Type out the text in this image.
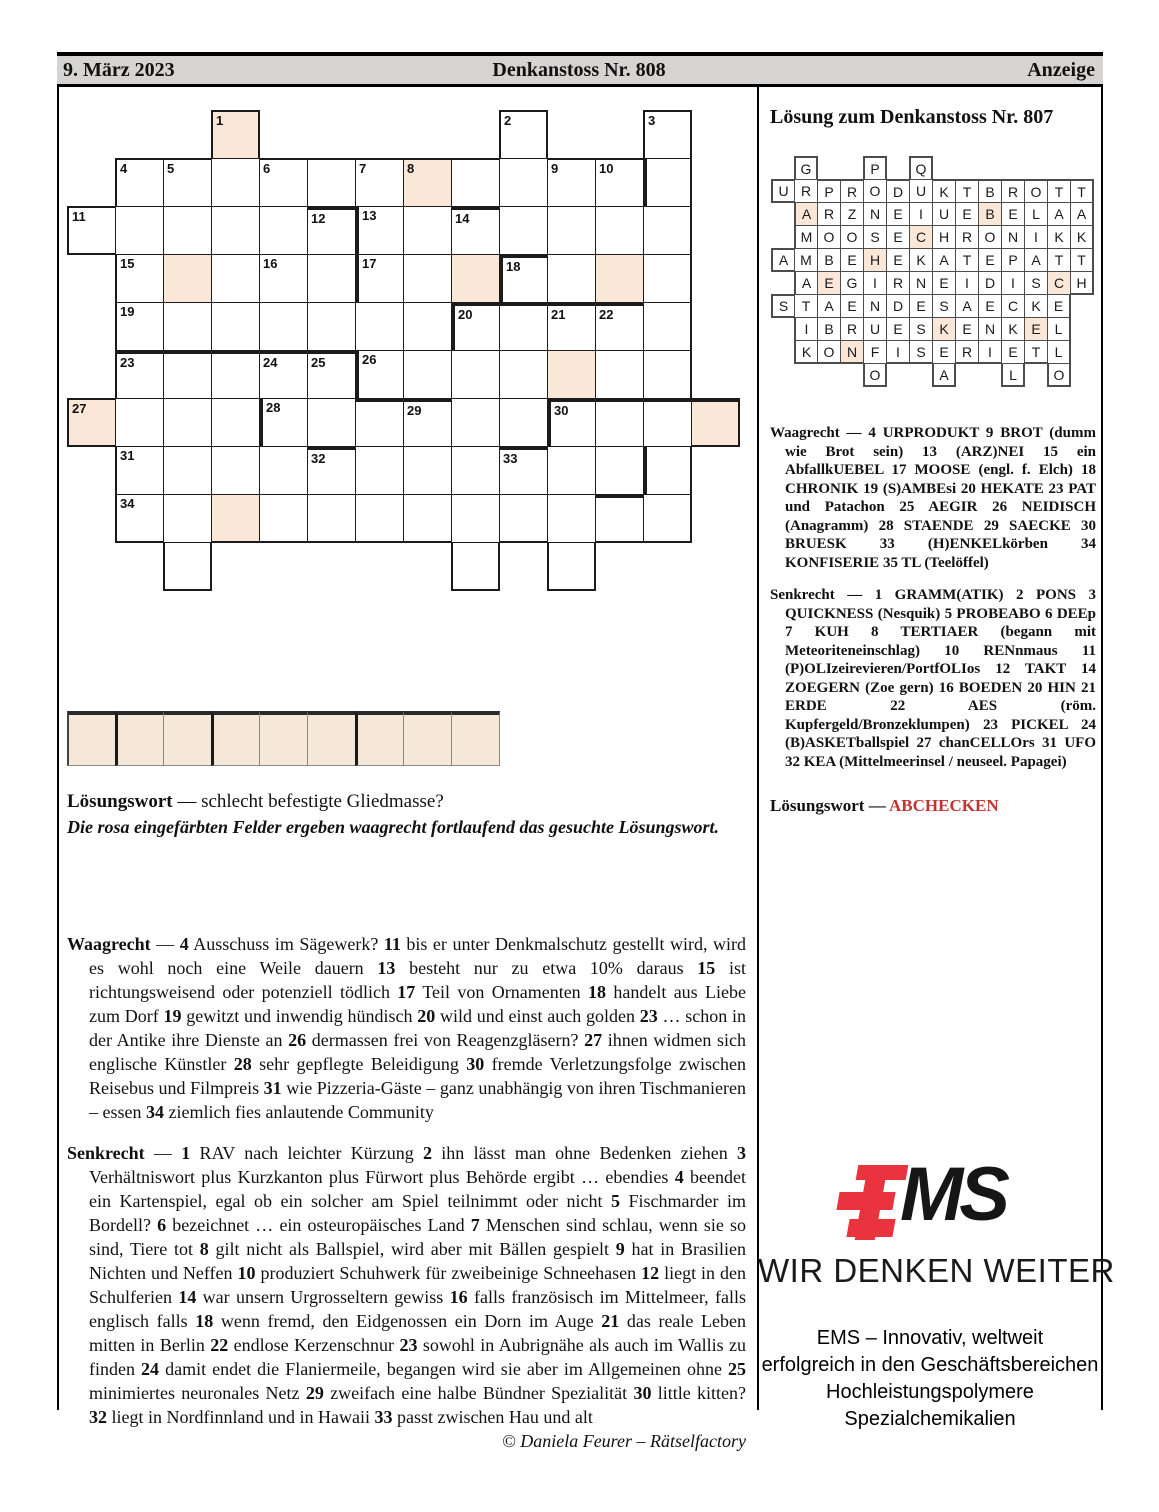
9. März 2023	Denkanstoss Nr. 808	Anzeige
1	2	3
4	5	6	7	8	9	10
11	12	13	14
15	16	17	18
19	20	21	22
23	24	25	26
27	28	29	30
31	32	33
34
Lösungswort — schlecht befestigte Gliedmasse?
Die rosa eingefärbten Felder ergeben waagrecht fortlaufend das gesuchte Lösungswort.

Waagrecht — 4 Ausschuss im Sägewerk? 11 bis er unter Denkmalschutz gestellt wird, wird es wohl noch eine Weile dauern 13 besteht nur zu etwa 10% daraus 15 ist richtungsweisend oder potenziell tödlich 17 Teil von Ornamenten 18 handelt aus Liebe zum Dorf 19 gewitzt und inwendig hündisch 20 wild und einst auch golden 23 … schon in der Antike ihre Dienste an 26 dermassen frei von Reagenzgläsern? 27 ihnen widmen sich englische Künstler 28 sehr gepflegte Beleidigung 30 fremde Verletzungsfolge zwischen Reisebus und Filmpreis 31 wie Pizzeria-Gäste – ganz unabhängig von ihren Tischmanieren – essen 34 ziemlich fies anlautende Community

Senkrecht — 1 RAV nach leichter Kürzung 2 ihn lässt man ohne Bedenken ziehen 3 Verhältniswort plus Kurzkanton plus Fürwort plus Behörde ergibt … ebendies 4 beendet ein Kartenspiel, egal ob ein solcher am Spiel teilnimmt oder nicht 5 Fischmarder im Bordell? 6 bezeichnet … ein osteuropäisches Land 7 Menschen sind schlau, wenn sie so sind, Tiere tot 8 gilt nicht als Ballspiel, wird aber mit Bällen gespielt 9 hat in Brasilien Nichten und Neffen 10 produziert Schuhwerk für zweibeinige Schneehasen 12 liegt in den Schulferien 14 war unsern Urgrosseltern gewiss 16 falls französisch im Mittelmeer, falls englisch falls 18 wenn fremd, den Eidgenossen ein Dorn im Auge 21 das reale Leben mitten in Berlin 22 endlose Kerzenschnur 23 sowohl in Aubrignähe als auch im Wallis zu finden 24 damit endet die Flaniermeile, begangen wird sie aber im Allgemeinen ohne 25 minimiertes neuronales Netz 29 zweifach eine halbe Bündner Spezialität 30 little kitten? 32 liegt in Nordfinnland und in Hawaii 33 passt zwischen Hau und alt
© Daniela Feurer – Rätselfactory

Lösung zum Denkanstoss Nr. 807
G	P	Q
U R P R O D U K	T	B R O T T
A R Z N E	I	U E B E	L	A A
M O O S E C H R O N	I	K K
A M B E H E K A	T	E P A	T T
A E G	I	R N E	I	D	I	S C H
S T	A E N D E S A E C K E
I	B R U E S K E N K E L
K O N F	I	S E R	I	E	T	L
O	A	L	O

Waagrecht — 4 URPRODUKT 9 BROT (dumm wie Brot sein) 13 (ARZ)NEI 15 ein AbfallkUEBEL 17 MOOSE (engl. f. Elch) 18 CHRONIK 19 (S)AMBEsi 20 HEKATE 23 PAT und Patachon 25 AEGIR 26 NEIDISCH (Anagramm) 28 STAENDE 29 SAECKE 30 BRUESK 33 (H)ENKELkörben 34 KONFISERIE 35 TL (Teelöffel)

Senkrecht — 1 GRAMM(ATIK) 2 PONS 3 QUICKNESS (Nesquik) 5 PROBEABO 6 DEEp 7 KUH 8 TERTIAER (begann mit Meteoriteneinschlag) 10 RENnmaus 11 (P)OLIzeirevieren/PortfOLIos 12 TAKT 14 ZOEGERN (Zoe gern) 16 BOEDEN 20 HIN 21 ERDE 22 AES (röm. Kupfergeld/Bronzeklumpen) 23 PICKEL 24 (B)ASKETballspiel 27 chanCELLOrs 31 UFO 32 KEA (Mittelmeerinsel / neuseel. Papagei)

Lösungswort — ABCHECKEN

MS
WIR DENKEN WEITER
EMS – Innovativ, weltweit
erfolgreich in den Geschäftsbereichen
Hochleistungspolymere
Spezialchemikalien
